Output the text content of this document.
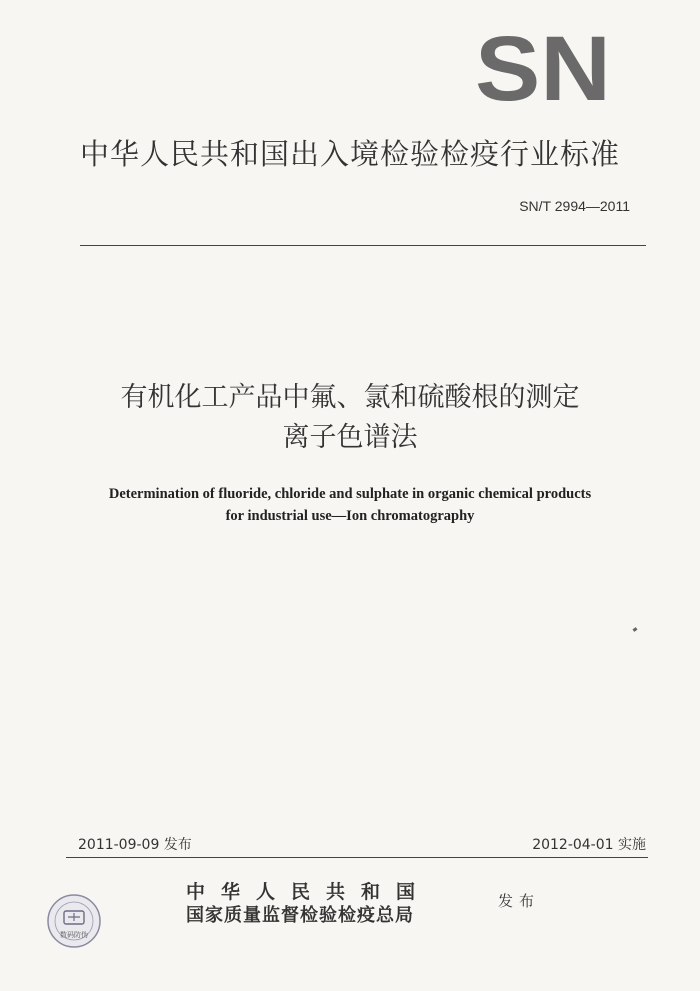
SN
中华人民共和国出入境检验检疫行业标准
SN/T 2994—2011
有机化工产品中氟、氯和硫酸根的测定
离子色谱法
Determination of fluoride, chloride and sulphate in organic chemical products
for industrial use—Ion chromatography
2011-09-09 发布	2012-04-01 实施
数码防伪
中华人民共和国
国家质量监督检验检疫总局
发布
